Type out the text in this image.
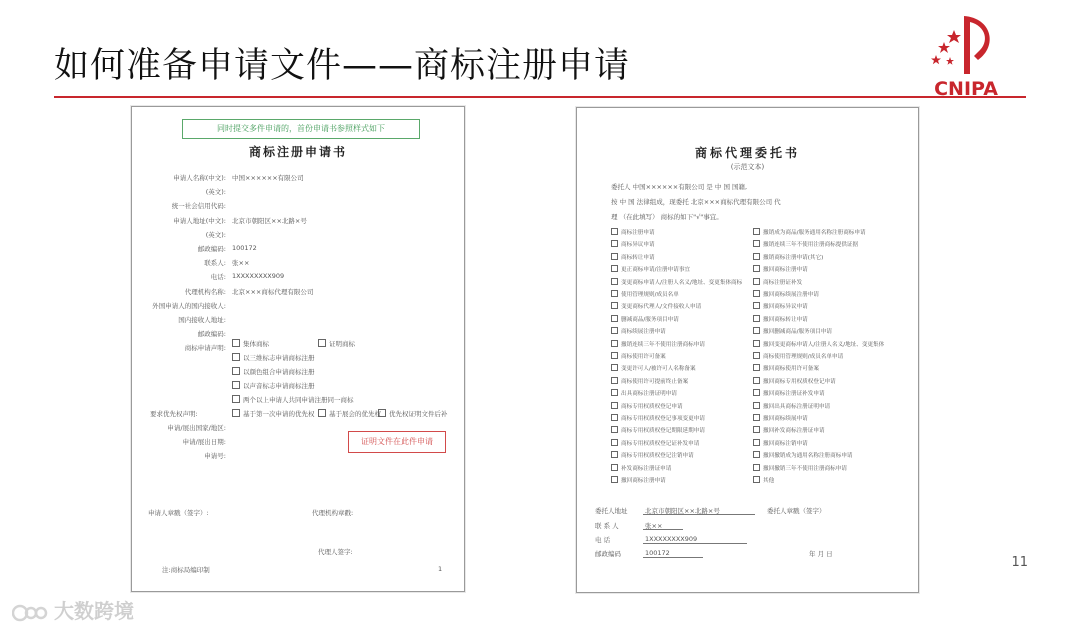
如何准备申请文件——商标注册申请
CNIPA
同时提交多件申请的，首份申请书参照样式如下
商标注册申请书
申请人名称(中文): 中国××××××有限公司
(英文):
统一社会信用代码:
申请人地址(中文): 北京市朝阳区××北路×号
(英文):
邮政编码: 100172
联系人: 张××
电话: 1XXXXXXXX909
代理机构名称: 北京×××商标代理有限公司
外国申请人的国内接收人:
国内接收人地址:
邮政编码:
商标申请声明:
集体商标	证明商标
以三维标志申请商标注册
以颜色组合申请商标注册
以声音标志申请商标注册
两个以上申请人共同申请注册同一商标
要求优先权声明:	基于第一次申请的优先权	基于展会的优先权	优先权证明文件后补
申请/展出国家/地区:
申请/展出日期:
申请号:
证明文件在此件申请
申请人章戳（签字）:	代理机构章戳:
代理人签字:
注:商标局编印制	1
商标代理委托书
(示范文本)
委托人 中国××××××有限公司 是 中 国 国籍,
按 中 国 法律组成，现委托 北京×××商标代理有限公司 代
理 （在此填写） 商标的如下"√"事宜。
商标注册申请
商标异议申请
商标转让申请
更正商标申请/注册申请事宜
变更商标申请人/注册人名义/地址、变更集体商标
使用管理规则/成员名单
变更商标代理人/文件接收人申请
删减商品/服务项目申请
商标续展注册申请
撤销连续三年不使用注册商标申请
商标使用许可备案
变更许可人/被许可人名称备案
商标使用许可提前终止备案
出具商标注册证明申请
商标专用权质权登记申请
商标专用权质权登记事项变更申请
商标专用权质权登记期限延期申请
商标专用权质权登记证补发申请
商标专用权质权登记注销申请
补发商标注册证申请
撤回商标注册申请
撤销成为商品/服务通用名称注册商标申请
撤销连续三年不使用注册商标提供证据
撤销商标注册申请(其它)
撤回商标注册申请
商标注册证补发
撤回商标续展注册申请
撤回商标异议申请
撤回商标转让申请
撤回删减商品/服务项目申请
撤回变更商标申请人/注册人名义/地址、变更集体
商标使用管理规则/成员名单申请
撤回商标使用许可备案
撤回商标专用权质权登记申请
撤回商标注册证补发申请
撤回出具商标注册证明申请
撤回商标续展申请
撤回补发商标注册证申请
撤回商标注销申请
撤回撤销成为通用名称注册商标申请
撤回撤销三年不使用注册商标申请
其他
委托人地址	北京市朝阳区××北路×号
联 系 人	张××
电 话	1XXXXXXXX909
邮政编码	100172
委托人章戳（签字）
年 月 日
11
大数跨境
